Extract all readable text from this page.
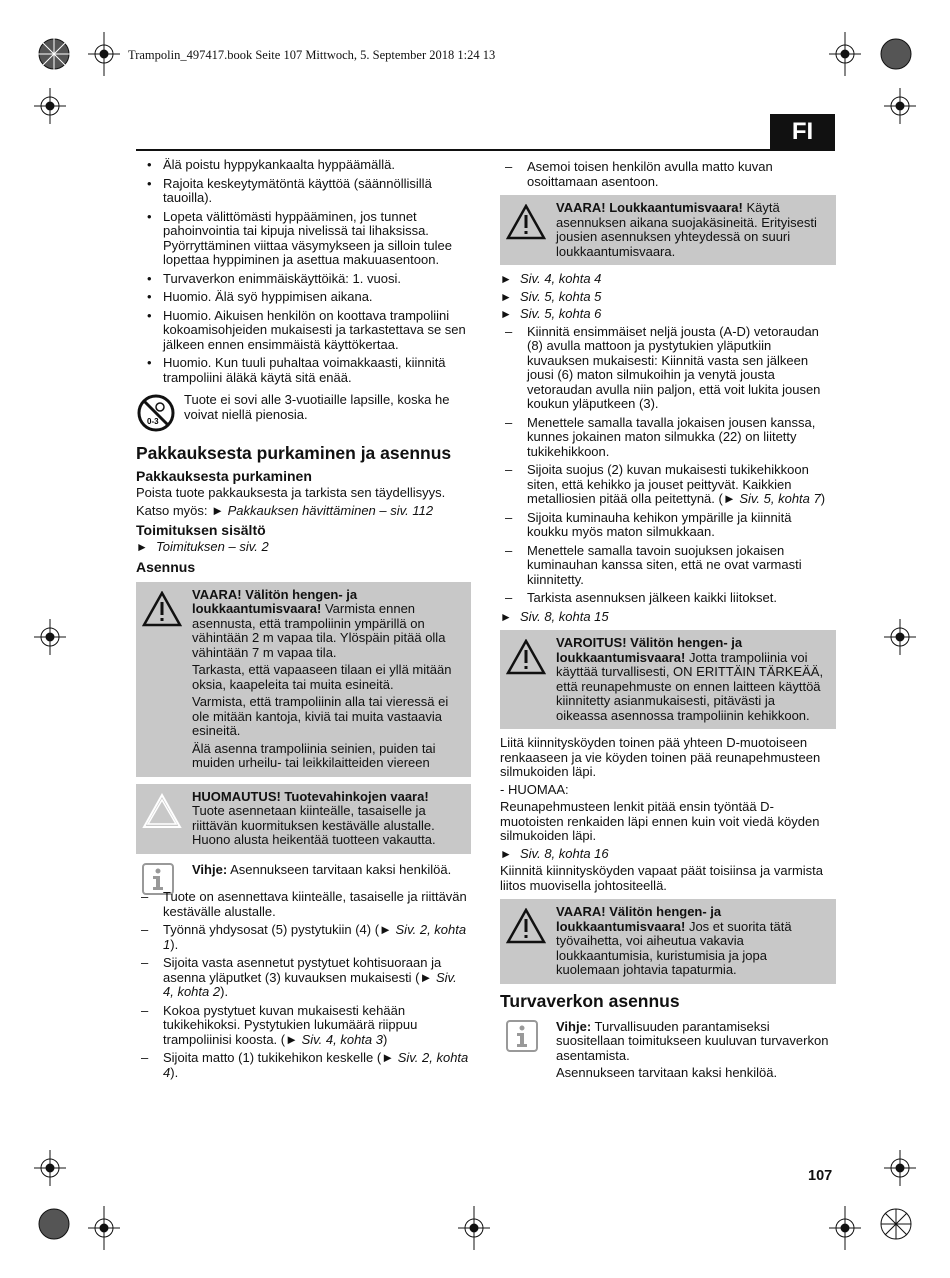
Trampolin_497417.book Seite 107 Mittwoch, 5. September 2018 1:24 13
FI
• Älä poistu hyppykankaalta hyppäämällä.
• Rajoita keskeytymätöntä käyttöä (säännöllisillä tauoilla).
• Lopeta välittömästi hyppääminen, jos tunnet pahoinvointia tai kipuja nivelissä tai lihaksissa. Pyörryttäminen viittaa väsymykseen ja silloin tulee lopettaa hyppiminen ja asettua makuuasentoon.
• Turvaverkon enimmäiskäyttöikä: 1. vuosi.
• Huomio. Älä syö hyppimisen aikana.
• Huomio. Aikuisen henkilön on koottava trampoliini kokoamisohjeiden mukaisesti ja tarkastettava se sen jälkeen ennen ensimmäistä käyttökertaa.
• Huomio. Kun tuuli puhaltaa voimakkaasti, kiinnitä trampoliini äläkä käytä sitä enää.
0-3
Tuote ei sovi alle 3-vuotiaille lapsille, koska he voivat niellä pienosia.
Pakkauksesta purkaminen ja asennus
Pakkauksesta purkaminen
Poista tuote pakkauksesta ja tarkista sen täydellisyys.
Katso myös: ► Pakkauksen hävittäminen – siv. 112
Toimituksen sisältö
► Toimituksen – siv. 2
Asennus

VAARA! Välitön hengen- ja loukkaantumisvaara! Varmista ennen asennusta, että trampoliinin ympärillä on vähintään 2 m vapaa tila. Ylöspäin pitää olla vähintään 7 m vapaa tila.

Tarkasta, että vapaaseen tilaan ei yllä mitään oksia, kaapeleita tai muita esineitä.

Varmista, että trampoliinin alla tai vieressä ei ole mitään kantoja, kiviä tai muita vastaavia esineitä.

Älä asenna trampoliinia seinien, puiden tai muiden urheilu- tai leikkilaitteiden viereen

HUOMAUTUS! Tuotevahinkojen vaara!
Tuote asennetaan kiinteälle, tasaiselle ja riittävän kuormituksen kestävälle alustalle. Huono alusta heikentää tuotteen vakautta.

Vihje: Asennukseen tarvitaan kaksi henkilöä.

– Tuote on asennettava kiinteälle, tasaiselle ja riittävän kestävälle alustalle.
– Työnnä yhdysosat (5) pystytukiin (4) (► Siv. 2, kohta 1).
– Sijoita vasta asennetut pystytuet kohtisuoraan ja asenna yläputket (3) kuvauksen mukaisesti (► Siv. 4, kohta 2).
– Kokoa pystytuet kuvan mukaisesti kehään tukikehikoksi. Pystytukien lukumäärä riippuu trampoliinisi koosta. (► Siv. 4, kohta 3)
– Sijoita matto (1) tukikehikon keskelle (► Siv. 2, kohta 4).
– Asemoi toisen henkilön avulla matto kuvan osoittamaan asentoon.

VAARA! Loukkaantumisvaara! Käytä asennuksen aikana suojakäsineitä. Erityisesti jousien asennuksen yhteydessä on suuri loukkaantumisvaara.

► Siv. 4, kohta 4
► Siv. 5, kohta 5
► Siv. 5, kohta 6
– Kiinnitä ensimmäiset neljä jousta (A-D) vetoraudan (8) avulla mattoon ja pystytukien yläputkiin kuvauksen mukaisesti: Kiinnitä vasta sen jälkeen jousi (6) maton silmukoihin ja venytä jousta vetoraudan avulla niin paljon, että voit lukita jousen koukun yläputkeen (3).
– Menettele samalla tavalla jokaisen jousen kanssa, kunnes jokainen maton silmukka (22) on liitetty tukikehikkoon.
– Sijoita suojus (2) kuvan mukaisesti tukikehikkoon siten, että kehikko ja jouset peittyvät. Kaikkien metalliosien pitää olla peitettynä. (► Siv. 5, kohta 7)
– Sijoita kuminauha kehikon ympärille ja kiinnitä koukku myös maton silmukkaan.
– Menettele samalla tavoin suojuksen jokaisen kuminauhan kanssa siten, että ne ovat varmasti kiinnitetty.
– Tarkista asennuksen jälkeen kaikki liitokset.
► Siv. 8, kohta 15

VAROITUS! Välitön hengen- ja loukkaantumisvaara! Jotta trampoliinia voi käyttää turvallisesti, ON ERITTÄIN TÄRKEÄÄ, että reunapehmuste on ennen laitteen käyttöä kiinnitetty asianmukaisesti, pitävästi ja oikeassa asennossa trampoliinin kehikkoon.

Liitä kiinnitysköyden toinen pää yhteen D-muotoiseen renkaaseen ja vie köyden toinen pää reunapehmusteen silmukoiden läpi.
- HUOMAA:
Reunapehmusteen lenkit pitää ensin työntää D-muotoisten renkaiden läpi ennen kuin voit viedä köyden silmukoiden läpi.
► Siv. 8, kohta 16
Kiinnitä kiinnitysköyden vapaat päät toisiinsa ja varmista liitos muovisella johtositeellä.

VAARA! Välitön hengen- ja loukkaantumisvaara! Jos et suorita tätä työvaihetta, voi aiheutua vakavia loukkaantumisia, kuristumisia ja jopa kuolemaan johtavia tapaturmia.

Turvaverkon asennus

Vihje: Turvallisuuden parantamiseksi suositellaan toimitukseen kuuluvan turvaverkon asentamista.

Asennukseen tarvitaan kaksi henkilöä.

107
